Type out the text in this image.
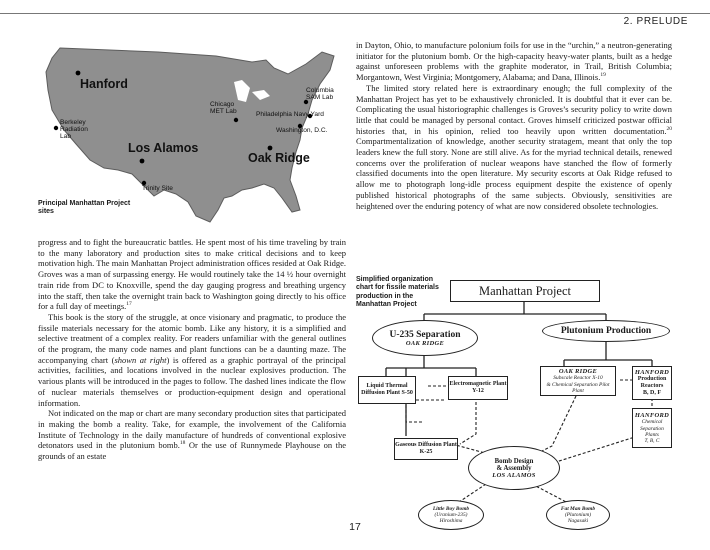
2. PRELUDE
Hanford
Berkeley Radiation Lab
Los Alamos
Trinity Site
Chicago MET Lab
Oak Ridge
Columbia SAM Lab
Philadelphia Navy Yard
Washington, D.C.
Principal Manhattan Project sites

progress and to fight the bureaucratic battles. He spent most of his time traveling by train to the many laboratory and production sites to make critical decisions and to keep motivation high. The main Manhattan Project administration offices resided at Oak Ridge. Groves was a man of surpassing energy. He would routinely take the 14 ½ hour overnight train ride from DC to Knoxville, spend the day gauging progress and breathing urgency into the staff, then take the overnight train back to Washington going directly to his office for a full day of meetings.$^{17}$

This book is the story of the struggle, at once visionary and pragmatic, to produce the fissile materials necessary for the atomic bomb. Like any history, it is a simplified and selective treatment of a complex reality. For readers unfamiliar with the general outlines of the program, the many code names and plant functions can be a daunting maze. The accompanying chart (shown at right) is offered as a graphic portrayal of the principal activities, facilities, and locations involved in the nuclear explosives production. The various plants will be introduced in the pages to follow. The dashed lines indicate the flow of nuclear materials themselves or production-equipment design and operational information.

Not indicated on the map or chart are many secondary production sites that participated in making the bomb a reality. Take, for example, the involvement of the California Institute of Technology in the daily manufacture of hundreds of conventional explosive detonators used in the plutonium bomb.$^{18}$ Or the use of Runnymede Playhouse on the grounds of an estate

in Dayton, Ohio, to manufacture polonium foils for use in the “urchin,” a neutron-generating initiator for the plutonium bomb. Or the high-capacity heavy-water plants, built as a hedge against unforeseen problems with the graphite moderator, in Trail, British Columbia; Morgantown, West Virginia; Montgomery, Alabama; and Dana, Illinois.$^{19}$

The limited story related here is extraordinary enough; the full complexity of the Manhattan Project has yet to be exhaustively chronicled. It is doubtful that it ever can be. Complicating the usual historiographic challenges is Groves’s security policy to write down little that could be managed by personal contact. Groves himself criticized postwar official histories that, in his opinion, relied too heavily upon written documentation.$^{20}$ Compartmentalization of knowledge, another security stratagem, meant that only the top leaders knew the full story. None are still alive. As for the myriad technical details, renewed concerns over the proliferation of nuclear weapons have stanched the flow of formerly classified documents into the open literature. My security escorts at Oak Ridge refused to allow me to photograph long-idle process equipment despite the existence of openly published historical photographs of the same subjects. Obviously, sensitivities are heightened over the enduring potency of what are now considered obsolete technologies.

Simplified organization chart for fissile materials production in the Manhattan Project
Manhattan Project
U-235 Separation
OAK RIDGE
Plutonium Production
Liquid Thermal Diffusion Plant S-50
Electromagnetic Plant Y-12
Gaseous Diffusion Plant K-25
OAK RIDGE
Subscale Reactor X-10
& Chemical Separation Pilot Plant
HANFORD
Production
Reactors
B, D, F
HANFORD
Chemical
Separation
Plants
T, B, C
Bomb Design
& Assembly
LOS ALAMOS
Little Boy Bomb
(Uranium-235)
Hiroshima
Fat Man Bomb
(Plutonium)
Nagasaki
17
